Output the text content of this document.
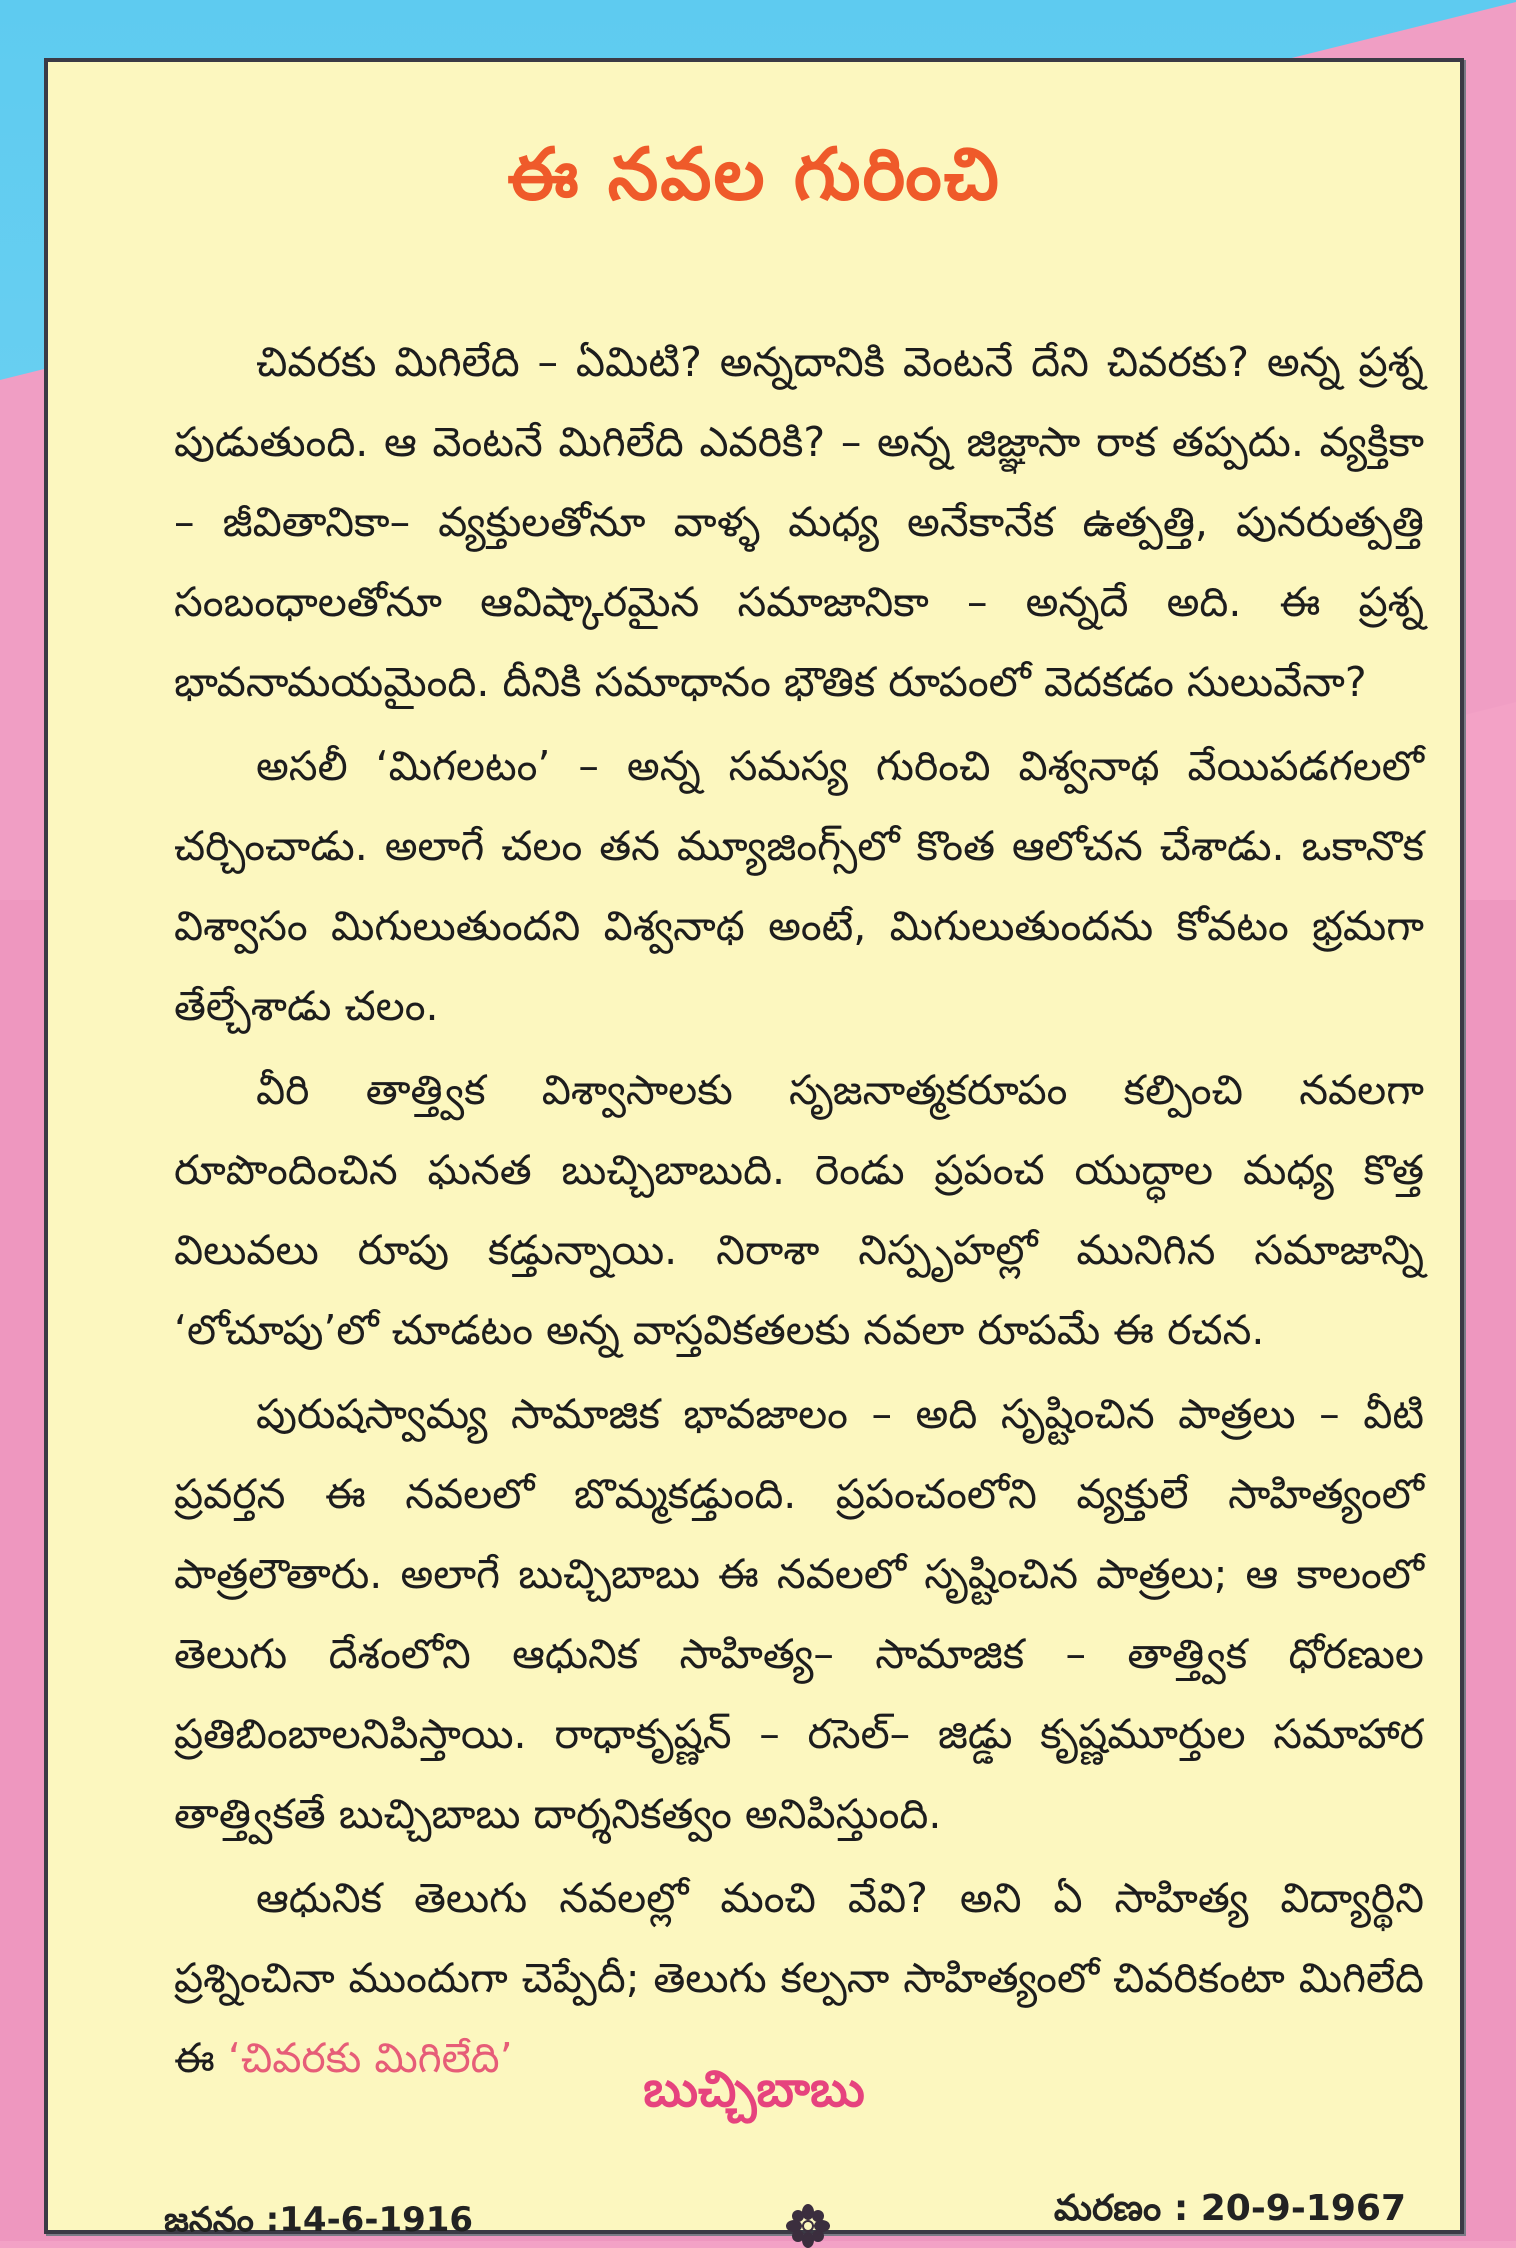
ఈ నవల గురించి

చివరకు మిగిలేది – ఏమిటి? అన్నదానికి వెంటనే దేని చివరకు? అన్న ప్రశ్న పుడుతుంది. ఆ వెంటనే మిగిలేది ఎవరికి? – అన్న జిజ్ఞాసా రాక తప్పదు. వ్యక్తికా – జీవితానికా– వ్యక్తులతోనూ వాళ్ళ మధ్య అనేకానేక ఉత్పత్తి, పునరుత్పత్తి సంబంధాలతోనూ ఆవిష్కారమైన సమాజానికా – అన్నదే అది. ఈ ప్రశ్న భావనామయమైంది. దీనికి సమాధానం భౌతిక రూపంలో వెదకడం సులువేనా?

అసలీ ‘మిగలటం’ – అన్న సమస్య గురించి విశ్వనాథ వేయిపడగలలో చర్చించాడు. అలాగే చలం తన మ్యూజింగ్స్‌లో కొంత ఆలోచన చేశాడు. ఒకానొక విశ్వాసం మిగులుతుందని విశ్వనాథ అంటే, మిగులుతుందను కోవటం భ్రమగా తేల్చేశాడు చలం.

వీరి తాత్త్విక విశ్వాసాలకు సృజనాత్మకరూపం కల్పించి నవలగా రూపొందించిన ఘనత బుచ్చిబాబుది. రెండు ప్రపంచ యుద్ధాల మధ్య కొత్త విలువలు రూపు కడ్తున్నాయి. నిరాశా నిస్పృహల్లో మునిగిన సమాజాన్ని ‘లోచూపు’లో చూడటం అన్న వాస్తవికతలకు నవలా రూపమే ఈ రచన.

పురుషస్వామ్య సామాజిక భావజాలం – అది సృష్టించిన పాత్రలు – వీటి ప్రవర్తన ఈ నవలలో బొమ్మకడ్తుంది. ప్రపంచంలోని వ్యక్తులే సాహిత్యంలో పాత్రలౌతారు. అలాగే బుచ్చిబాబు ఈ నవలలో సృష్టించిన పాత్రలు; ఆ కాలంలో తెలుగు దేశంలోని ఆధునిక సాహిత్య– సామాజిక – తాత్త్విక ధోరణుల ప్రతిబింబాలనిపిస్తాయి. రాధాకృష్ణన్ – రసెల్– జిడ్డు కృష్ణమూర్తుల సమాహార తాత్త్వికతే బుచ్చిబాబు దార్శనికత్వం అనిపిస్తుంది.

ఆధునిక తెలుగు నవలల్లో మంచి వేవి? అని ఏ సాహిత్య విద్యార్థిని ప్రశ్నించినా ముందుగా చెప్పేదీ; తెలుగు కల్పనా సాహిత్యంలో చివరికంటా మిగిలేది ఈ ‘చివరకు మిగిలేది’

బుచ్చిబాబు

జననం :14-6-1916	మరణం : 20-9-1967
